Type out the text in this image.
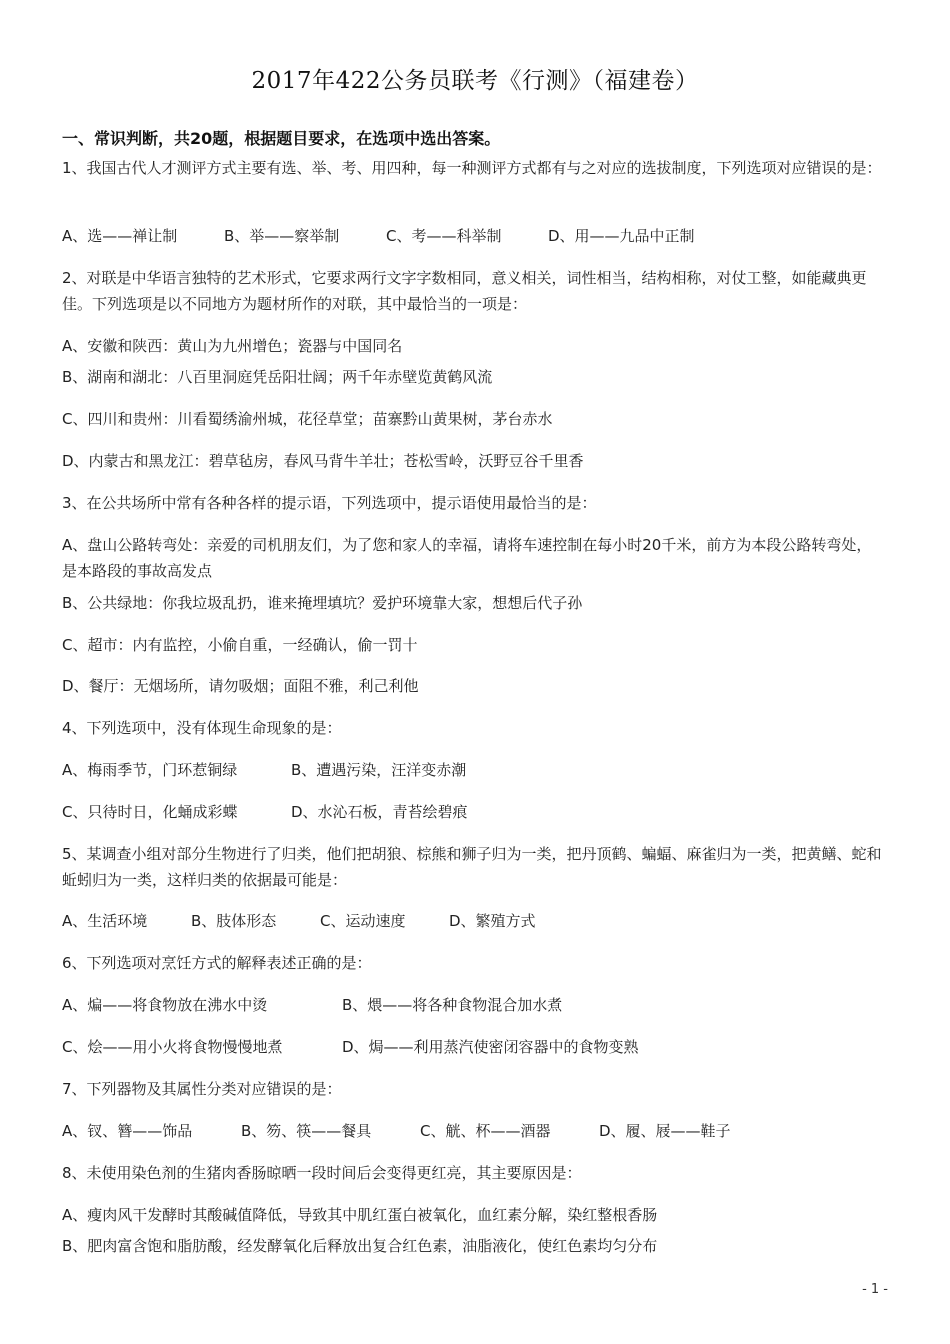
2017年422公务员联考《行测》（福建卷）
一、常识判断，共20题，根据题目要求，在选项中选出答案。
1、我国古代人才测评方式主要有选、举、考、用四种，每一种测评方式都有与之对应的选拔制度，下列选项对应错误的是：
A、选——禅让制	B、举——察举制	C、考——科举制	D、用——九品中正制
2、对联是中华语言独特的艺术形式，它要求两行文字字数相同，意义相关，词性相当，结构相称，对仗工整，如能藏典更佳。下列选项是以不同地方为题材所作的对联，其中最恰当的一项是：
A、安徽和陕西：黄山为九州增色；瓷器与中国同名
B、湖南和湖北：八百里洞庭凭岳阳壮阔；两千年赤壁览黄鹤风流
C、四川和贵州：川看蜀绣渝州城，花径草堂；苗寨黔山黄果树，茅台赤水
D、内蒙古和黑龙江：碧草毡房，春风马背牛羊壮；苍松雪岭，沃野豆谷千里香
3、在公共场所中常有各种各样的提示语，下列选项中，提示语使用最恰当的是：
A、盘山公路转弯处：亲爱的司机朋友们，为了您和家人的幸福，请将车速控制在每小时20千米，前方为本段公路转弯处，是本路段的事故高发点
B、公共绿地：你我垃圾乱扔，谁来掩埋填坑？爱护环境靠大家，想想后代子孙
C、超市：内有监控，小偷自重，一经确认，偷一罚十
D、餐厅：无烟场所，请勿吸烟；面阻不雅，利己利他
4、下列选项中，没有体现生命现象的是：
A、梅雨季节，门环惹铜绿	B、遭遇污染，汪洋变赤潮
C、只待时日，化蛹成彩蝶	D、水沁石板，青苔绘碧痕
5、某调查小组对部分生物进行了归类，他们把胡狼、棕熊和狮子归为一类，把丹顶鹤、蝙蝠、麻雀归为一类，把黄鳝、蛇和蚯蚓归为一类，这样归类的依据最可能是：
A、生活环境	B、肢体形态	C、运动速度	D、繁殖方式
6、下列选项对烹饪方式的解释表述正确的是：
A、煸——将食物放在沸水中烫	B、煨——将各种食物混合加水煮
C、烩——用小火将食物慢慢地煮	D、焗——利用蒸汽使密闭容器中的食物变熟
7、下列器物及其属性分类对应错误的是：
A、钗、簪——饰品	B、笏、筷——餐具	C、觥、杯——酒器	D、履、屐——鞋子
8、未使用染色剂的生猪肉香肠晾晒一段时间后会变得更红亮，其主要原因是：
A、瘦肉风干发酵时其酸碱值降低，导致其中肌红蛋白被氧化，血红素分解，染红整根香肠
B、肥肉富含饱和脂肪酸，经发酵氧化后释放出复合红色素，油脂液化，使红色素均匀分布
- 1 -
